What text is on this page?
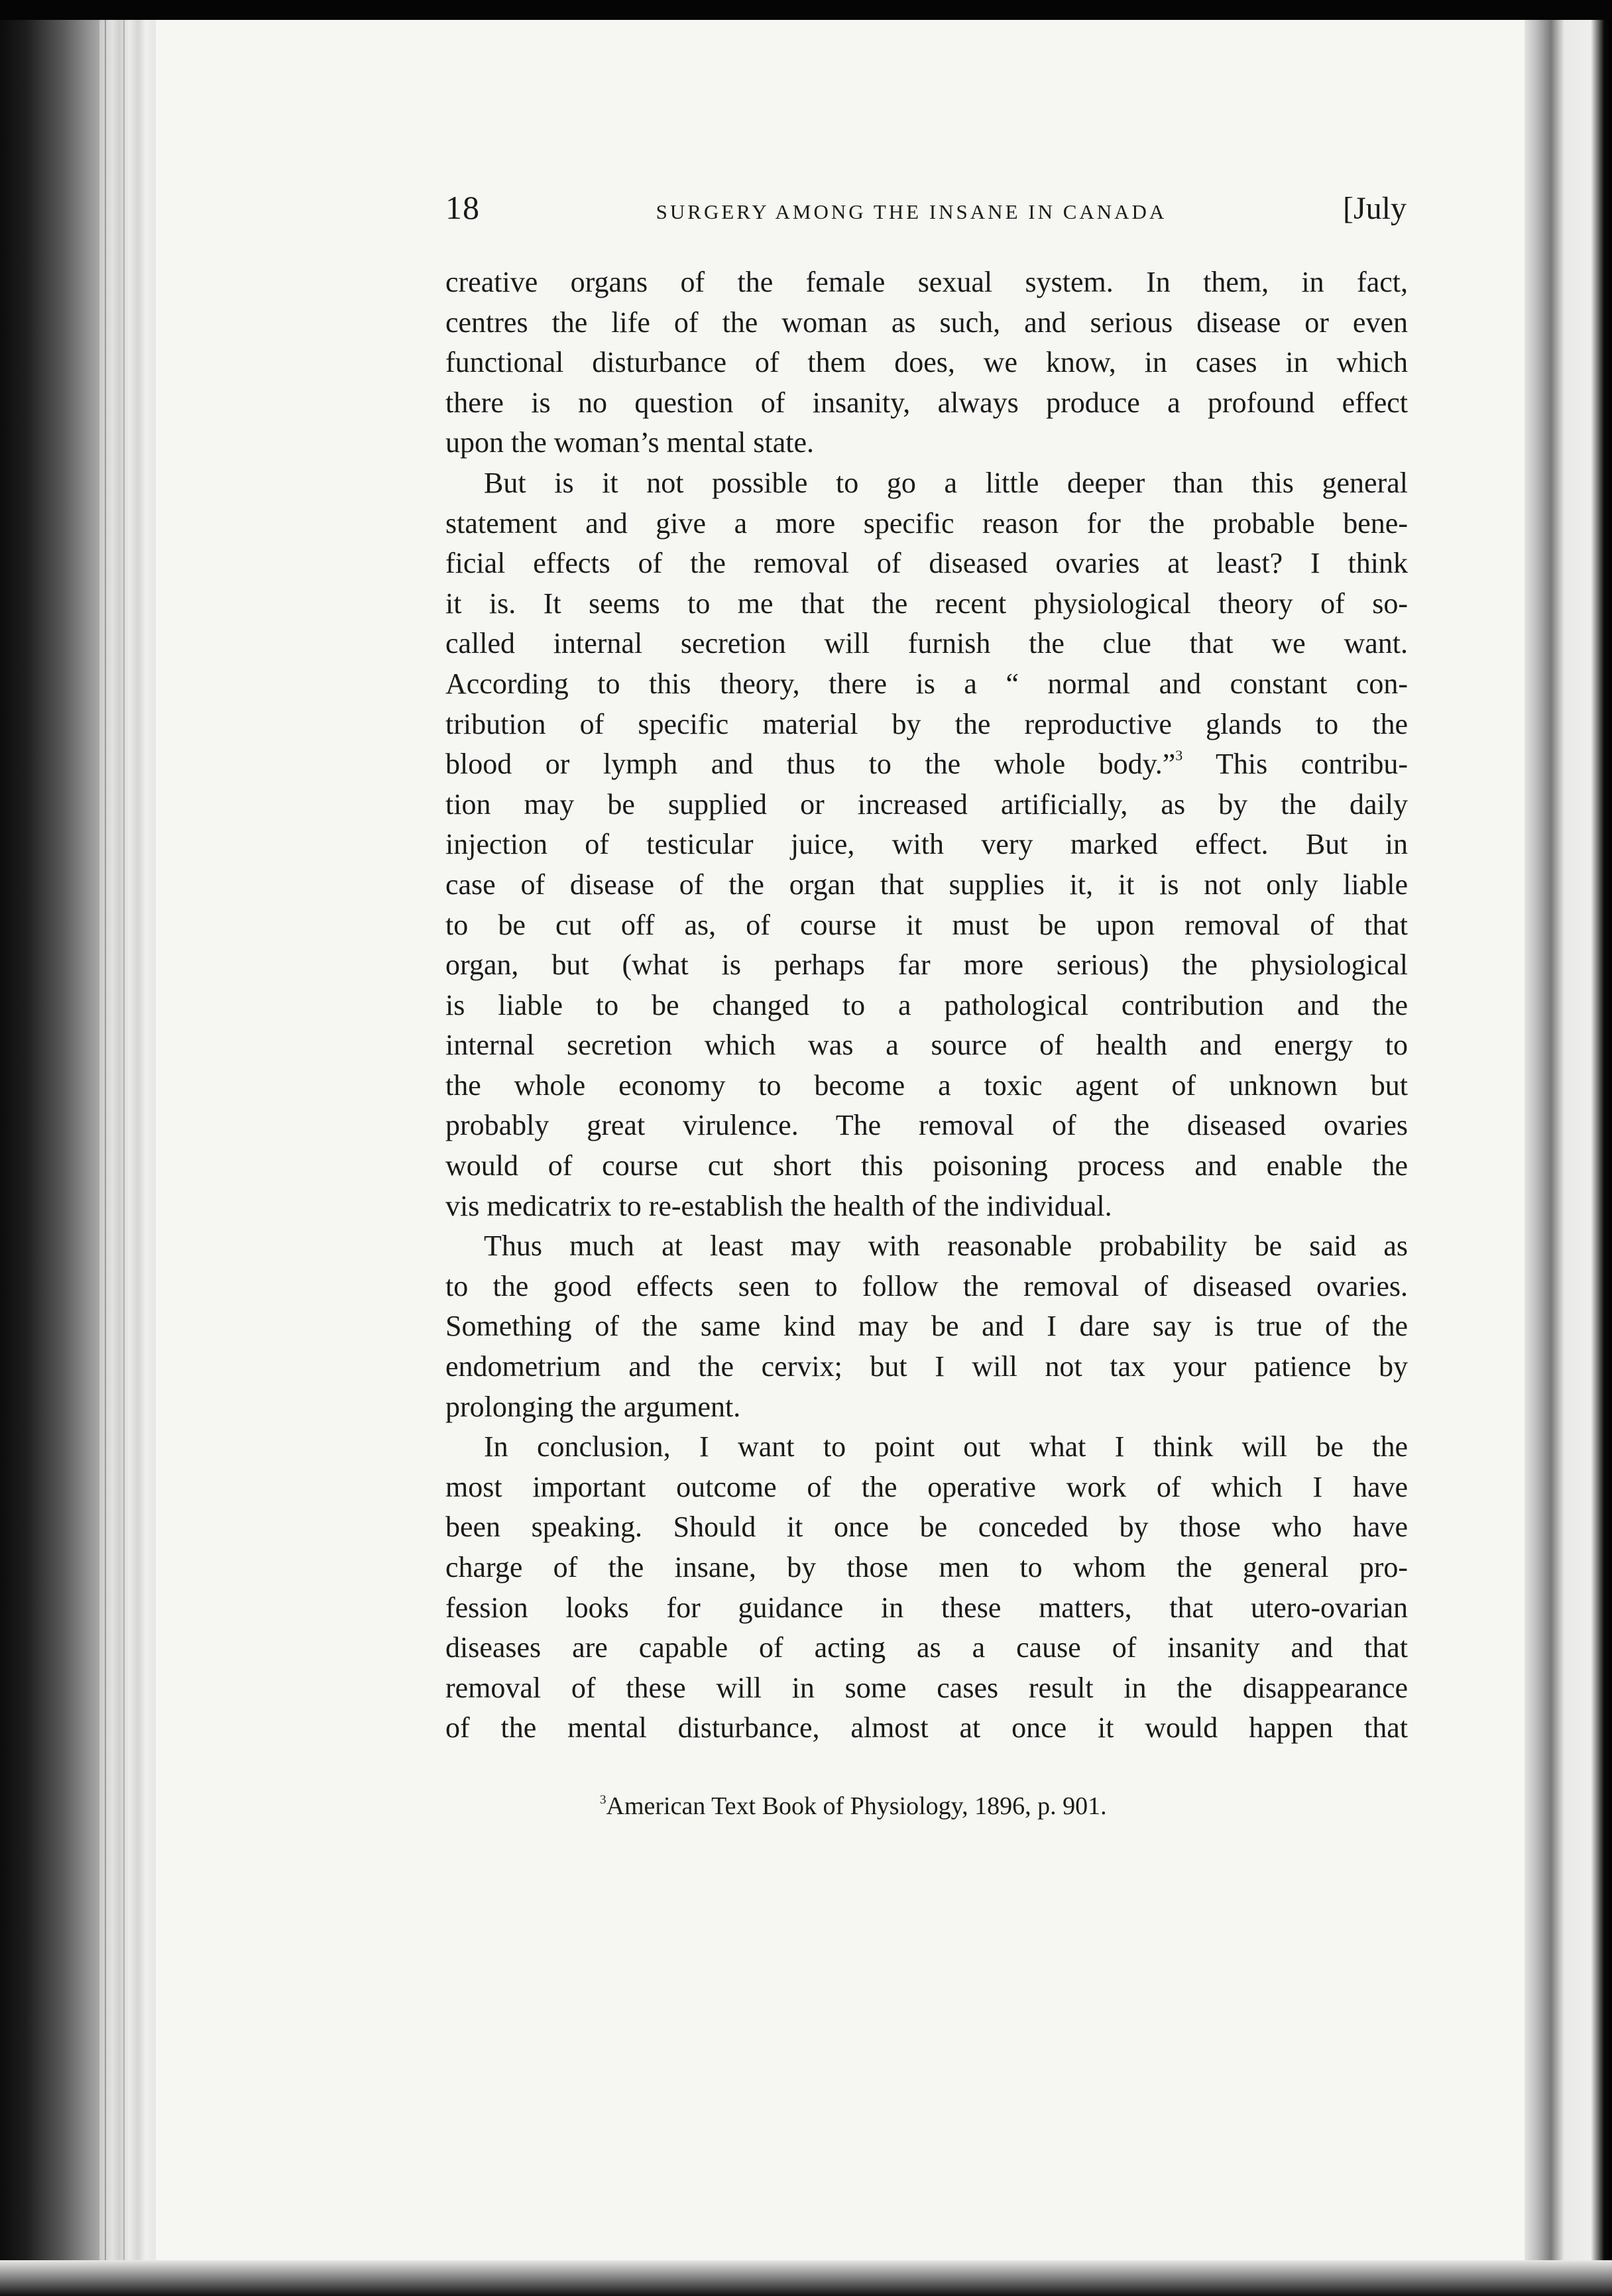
18	SURGERY AMONG THE INSANE IN CANADA	[July
creative organs of the female sexual system. In them, in fact,
centres the life of the woman as such, and serious disease or even
functional disturbance of them does, we know, in cases in which
there is no question of insanity, always produce a profound effect
upon the woman’s mental state.
But is it not possible to go a little deeper than this general
statement and give a more specific reason for the probable bene-
ficial effects of the removal of diseased ovaries at least? I think
it is. It seems to me that the recent physiological theory of so-
called internal secretion will furnish the clue that we want.
According to this theory, there is a “ normal and constant con-
tribution of specific material by the reproductive glands to the
blood or lymph and thus to the whole body.”$^3$ This contribu-
tion may be supplied or increased artificially, as by the daily
injection of testicular juice, with very marked effect. But in
case of disease of the organ that supplies it, it is not only liable
to be cut off as, of course it must be upon removal of that
organ, but (what is perhaps far more serious) the physiological
is liable to be changed to a pathological contribution and the
internal secretion which was a source of health and energy to
the whole economy to become a toxic agent of unknown but
probably great virulence. The removal of the diseased ovaries
would of course cut short this poisoning process and enable the
vis medicatrix to re-establish the health of the individual.
Thus much at least may with reasonable probability be said as
to the good effects seen to follow the removal of diseased ovaries.
Something of the same kind may be and I dare say is true of the
endometrium and the cervix; but I will not tax your patience by
prolonging the argument.
In conclusion, I want to point out what I think will be the
most important outcome of the operative work of which I have
been speaking. Should it once be conceded by those who have
charge of the insane, by those men to whom the general pro-
fession looks for guidance in these matters, that utero-ovarian
diseases are capable of acting as a cause of insanity and that
removal of these will in some cases result in the disappearance
of the mental disturbance, almost at once it would happen that
$^3$American Text Book of Physiology, 1896, p. 901.
